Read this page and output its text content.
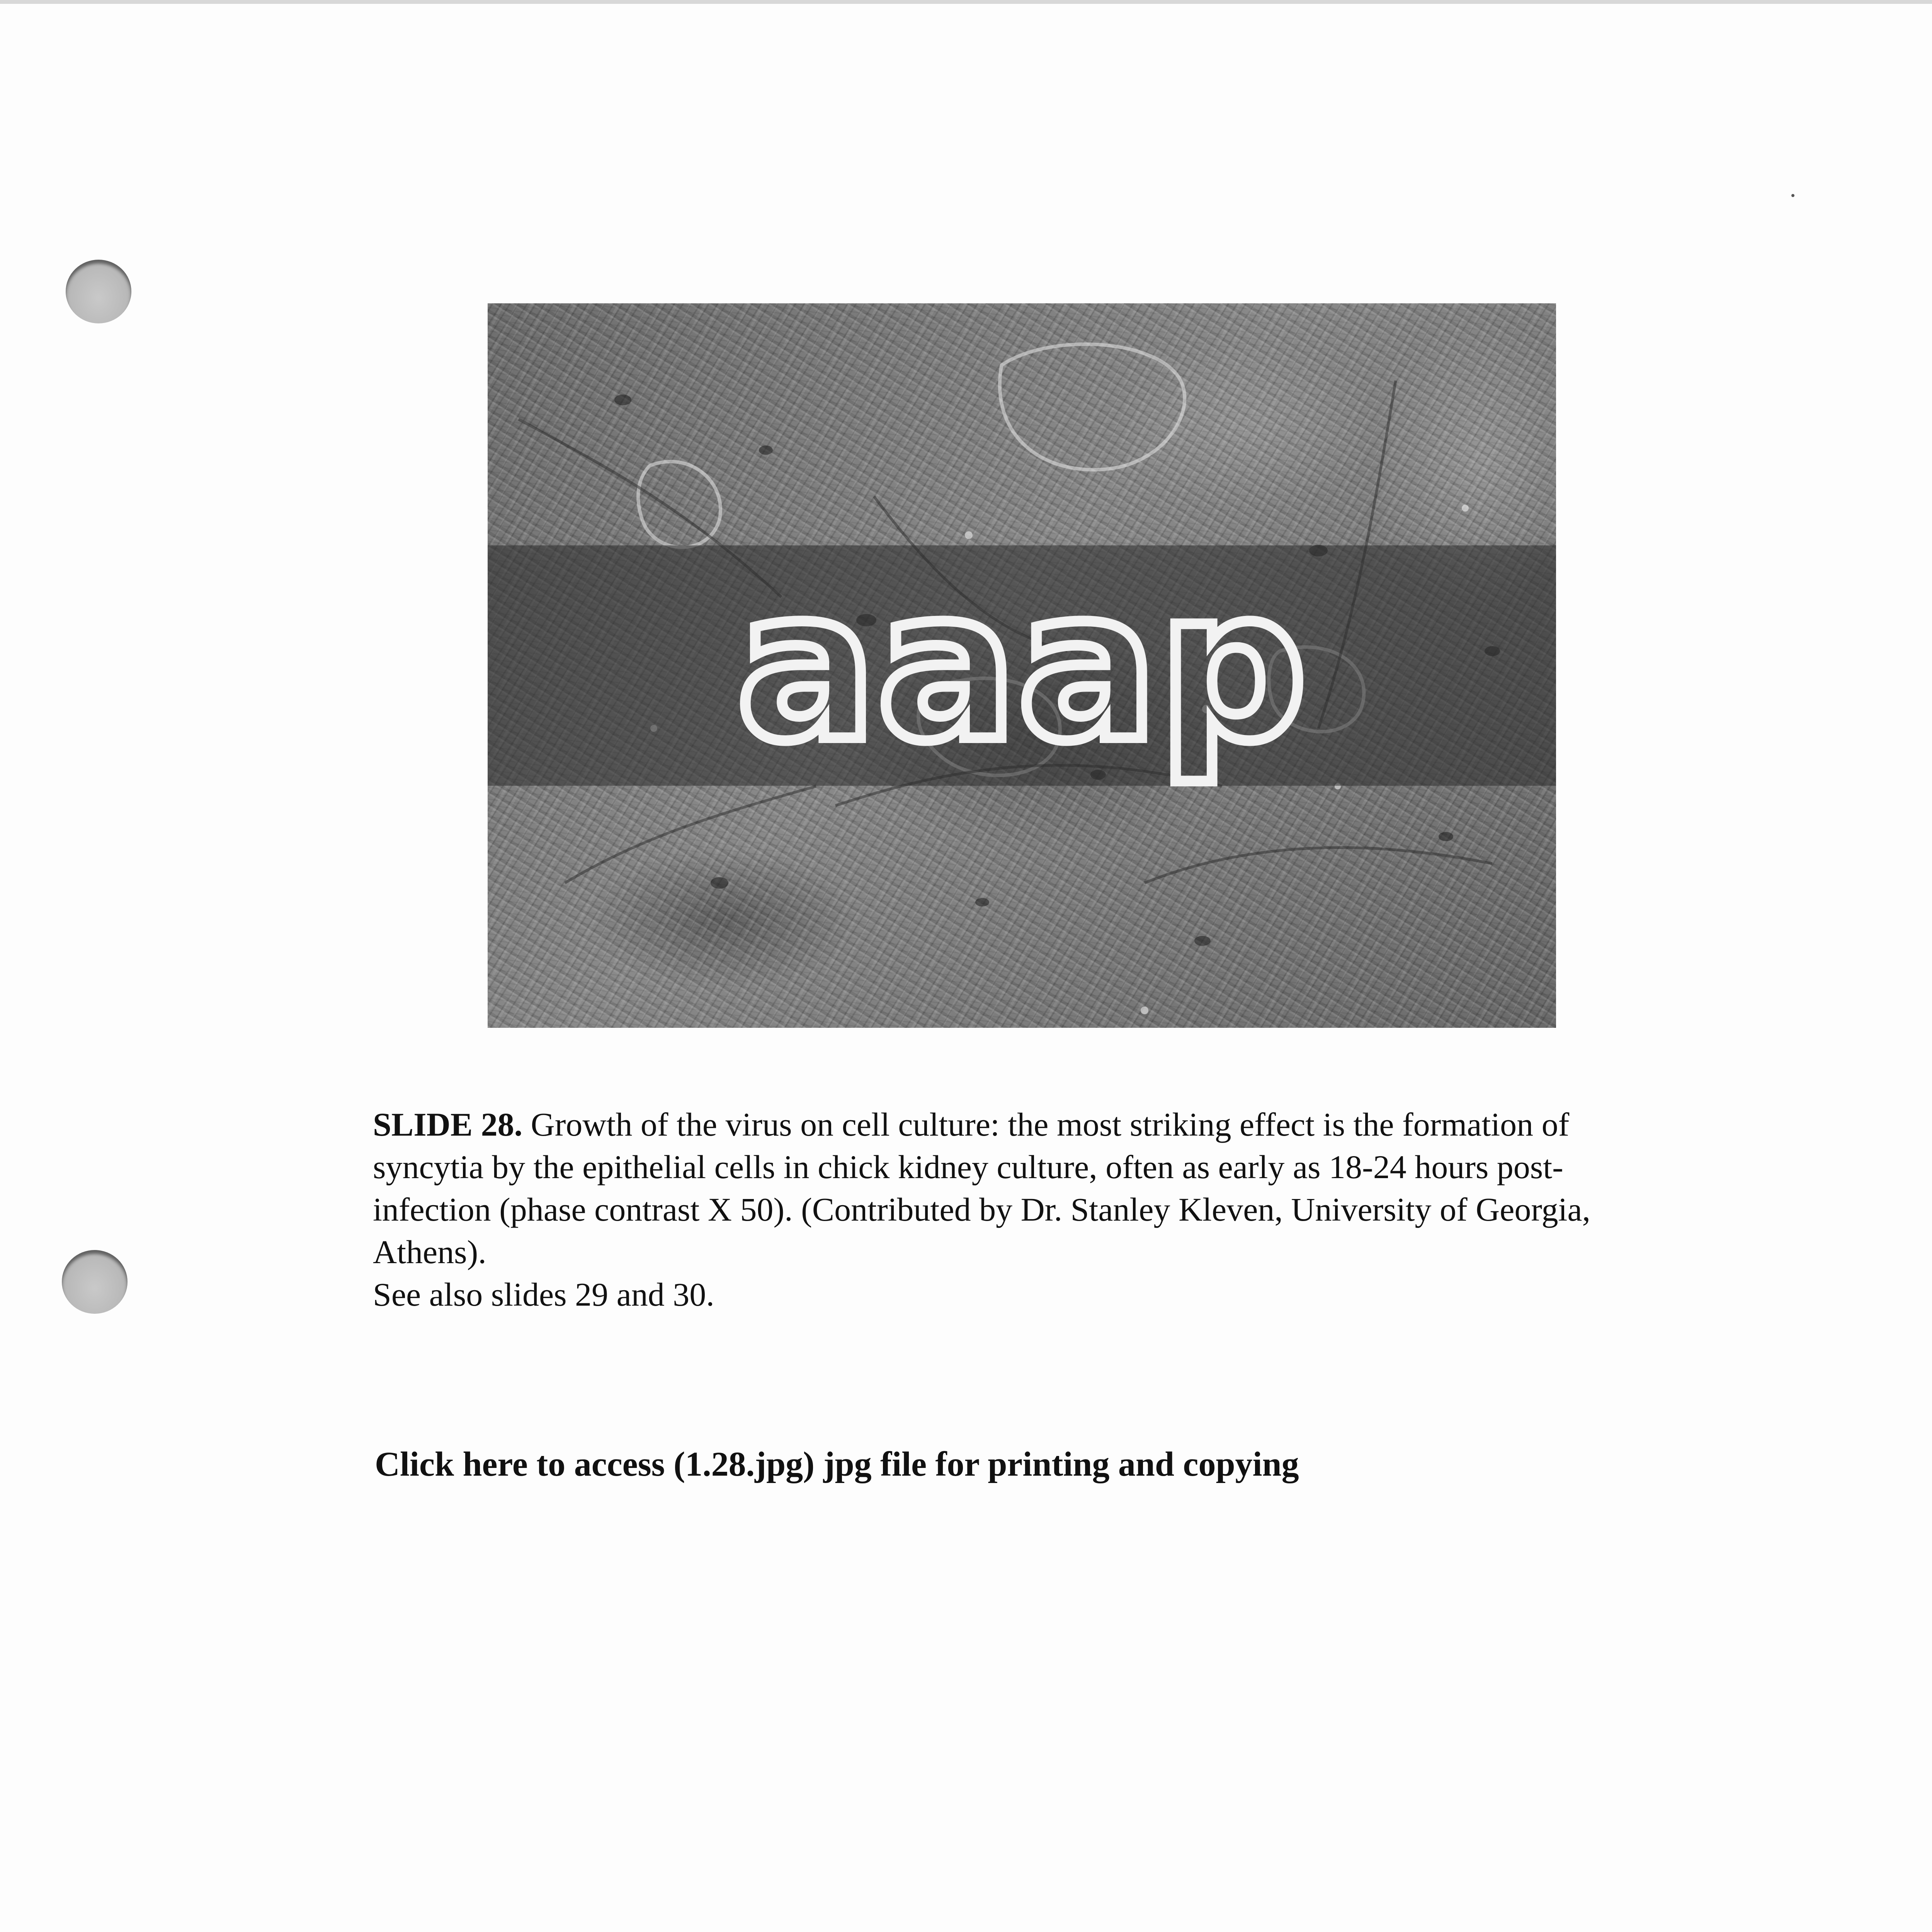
aaap

SLIDE 28. Growth of the virus on cell culture: the most striking effect is the formation of syncytia by the epithelial cells in chick kidney culture, often as early as 18-24 hours post-infection (phase contrast X 50). (Contributed by Dr. Stanley Kleven, University of Georgia, Athens).
See also slides 29 and 30.

Click here to access (1.28.jpg) jpg file for printing and copying
